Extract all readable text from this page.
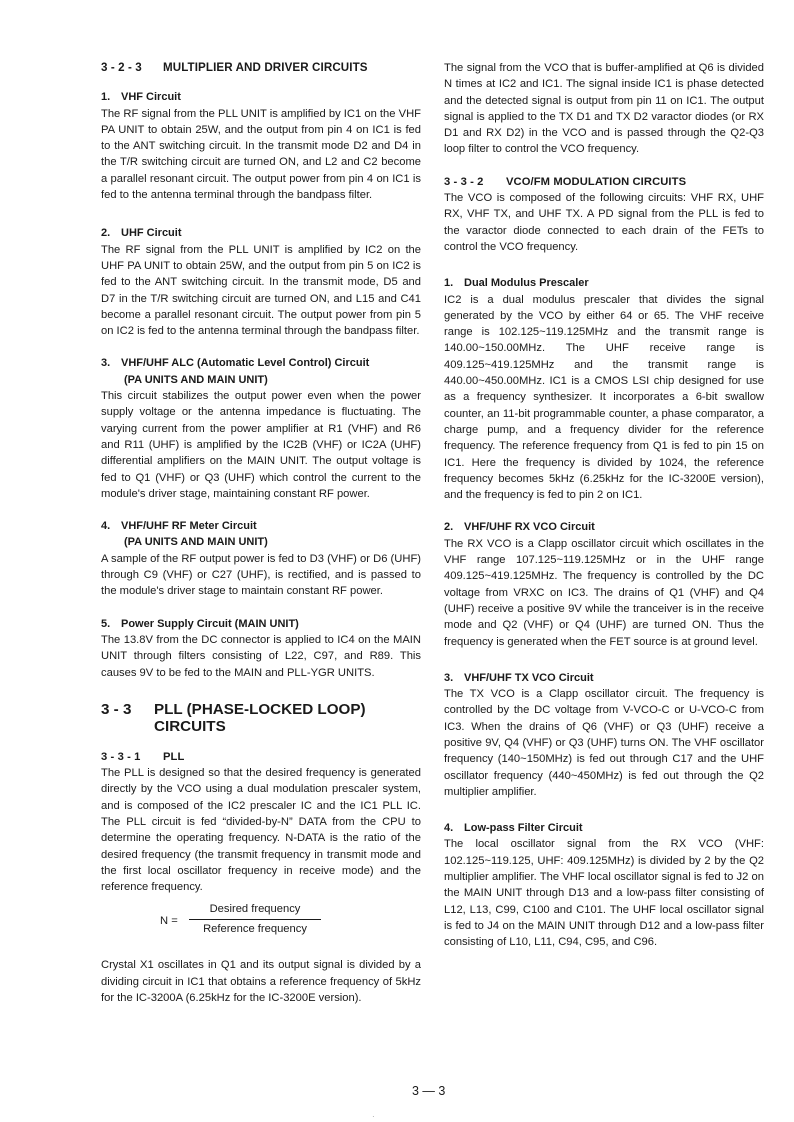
3 - 2 - 3 MULTIPLIER AND DRIVER CIRCUITS
1. VHF Circuit

The RF signal from the PLL UNIT is amplified by IC1 on the VHF PA UNIT to obtain 25W, and the output from pin 4 on IC1 is fed to the ANT switching circuit. In the transmit mode D2 and D4 in the T/R switching circuit are turned ON, and L2 and C2 become a parallel resonant circuit. The output power from pin 4 on IC1 is fed to the antenna terminal through the bandpass filter.

2. UHF Circuit

The RF signal from the PLL UNIT is amplified by IC2 on the UHF PA UNIT to obtain 25W, and the output from pin 5 on IC2 is fed to the ANT switching circuit. In the transmit mode, D5 and D7 in the T/R switching circuit are turned ON, and L15 and C41 become a parallel resonant circuit. The output power from pin 5 on IC2 is fed to the antenna terminal through the bandpass filter.

3. VHF/UHF ALC (Automatic Level Control) Circuit
(PA UNITS AND MAIN UNIT)

This circuit stabilizes the output power even when the power supply voltage or the antenna impedance is fluctuating. The varying current from the power amplifier at R1 (VHF) and R6 and R11 (UHF) is amplified by the IC2B (VHF) or IC2A (UHF) differential amplifiers on the MAIN UNIT. The output voltage is fed to Q1 (VHF) or Q3 (UHF) which control the current to the module's driver stage, maintaining constant RF power.

4. VHF/UHF RF Meter Circuit
(PA UNITS AND MAIN UNIT)

A sample of the RF output power is fed to D3 (VHF) or D6 (UHF) through C9 (VHF) or C27 (UHF), is rectified, and is passed to the module's driver stage to maintain constant RF power.

5. Power Supply Circuit (MAIN UNIT)

The 13.8V from the DC connector is applied to IC4 on the MAIN UNIT through filters consisting of L22, C97, and R89. This causes 9V to be fed to the MAIN and PLL-YGR UNITS.

3 - 3 PLL (PHASE-LOCKED LOOP)
CIRCUITS
3 - 3 - 1 PLL

The PLL is designed so that the desired frequency is generated directly by the VCO using a dual modulation prescaler system, and is composed of the IC2 prescaler IC and the IC1 PLL IC. The PLL circuit is fed “divided-by-N” DATA from the CPU to determine the operating frequency. N-DATA is the ratio of the desired frequency (the transmit frequency in transmit mode and the first local oscillator frequency in receive mode) and the reference frequency.

N =
Desired frequency
Reference frequency

Crystal X1 oscillates in Q1 and its output signal is divided by a dividing circuit in IC1 that obtains a reference frequency of 5kHz for the IC-3200A (6.25kHz for the IC-3200E version).

The signal from the VCO that is buffer-amplified at Q6 is divided N times at IC2 and IC1. The signal inside IC1 is phase detected and the detected signal is output from pin 11 on IC1. The output signal is applied to the TX D1 and TX D2 varactor diodes (or RX D1 and RX D2) in the VCO and is passed through the Q2-Q3 loop filter to control the VCO frequency.

3 - 3 - 2 VCO/FM MODULATION CIRCUITS

The VCO is composed of the following circuits: VHF RX, UHF RX, VHF TX, and UHF TX. A PD signal from the PLL is fed to the varactor diode connected to each drain of the FETs to control the VCO frequency.

1. Dual Modulus Prescaler

IC2 is a dual modulus prescaler that divides the signal generated by the VCO by either 64 or 65. The VHF receive range is 102.125~119.125MHz and the transmit range is 140.00~150.00MHz. The UHF receive range is 409.125~419.125MHz and the transmit range is 440.00~450.00MHz. IC1 is a CMOS LSI chip designed for use as a frequency synthesizer. It incorporates a 6-bit swallow counter, an 11-bit programmable counter, a phase comparator, a charge pump, and a frequency divider for the reference frequency. The reference frequency from Q1 is fed to pin 15 on IC1. Here the frequency is divided by 1024, the reference frequency becomes 5kHz (6.25kHz for the IC-3200E version), and the frequency is fed to pin 2 on IC1.

2. VHF/UHF RX VCO Circuit

The RX VCO is a Clapp oscillator circuit which oscillates in the VHF range 107.125~119.125MHz or in the UHF range 409.125~419.125MHz. The frequency is controlled by the DC voltage from VRXC on IC3. The drains of Q1 (VHF) and Q4 (UHF) receive a positive 9V while the tranceiver is in the receive mode and Q2 (VHF) or Q4 (UHF) are turned ON. Thus the frequency is generated when the FET source is at ground level.

3. VHF/UHF TX VCO Circuit

The TX VCO is a Clapp oscillator circuit. The frequency is controlled by the DC voltage from V-VCO-C or U-VCO-C from IC3. When the drains of Q6 (VHF) or Q3 (UHF) receive a positive 9V, Q4 (VHF) or Q3 (UHF) turns ON. The VHF oscillator frequency (140~150MHz) is fed out through C17 and the UHF oscillator frequency (440~450MHz) is fed out through the Q2 multiplier amplifier.

4. Low-pass Filter Circuit

The local oscillator signal from the RX VCO (VHF: 102.125~119.125, UHF: 409.125MHz) is divided by 2 by the Q2 multiplier amplifier. The VHF local oscillator signal is fed to J2 on the MAIN UNIT through D13 and a low-pass filter consisting of L12, L13, C99, C100 and C101. The UHF local oscillator signal is fed to J4 on the MAIN UNIT through D12 and a low-pass filter consisting of L10, L11, C94, C95, and C96.

3 — 3
·
